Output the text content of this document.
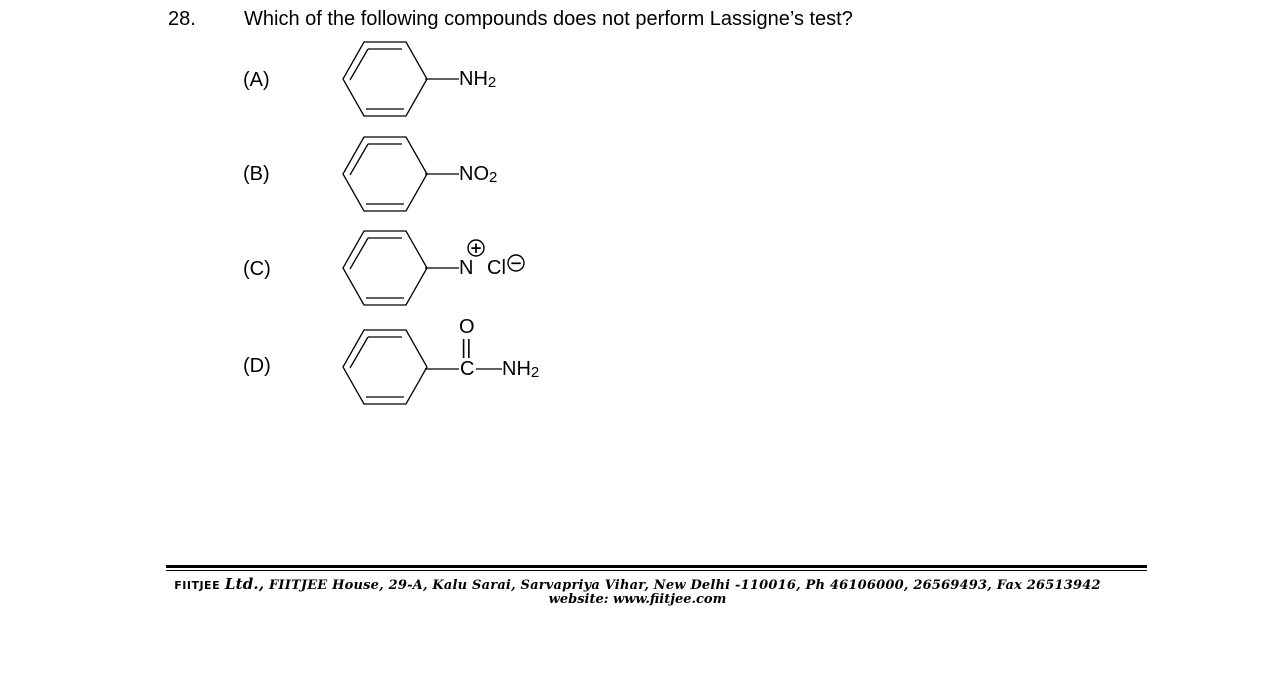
28. Which of the following compounds does not perform Lassigne’s test?
(A)	$NH_2$
(B)	$NO_2$
(C)	N Cl
+
−
(D)
O
||
C $NH_2$
FIITJEE Ltd., FIITJEE House, 29-A, Kalu Sarai, Sarvapriya Vihar, New Delhi -110016, Ph 46106000, 26569493, Fax 26513942
website: www.fiitjee.com
